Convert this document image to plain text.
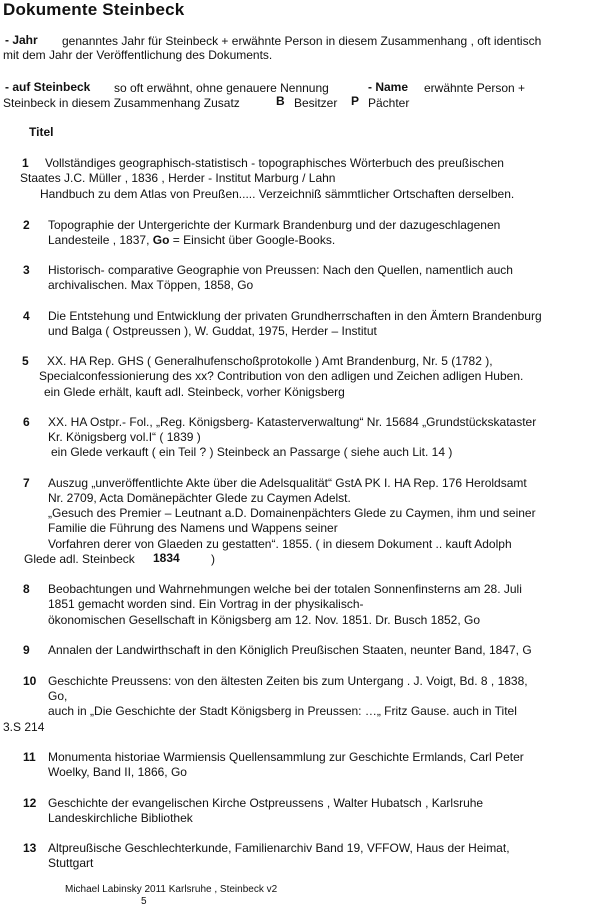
Dokumente Steinbeck
- Jahr genanntes Jahr für Steinbeck + erwähnte Person in diesem Zusammenhang , oft identisch
mit dem Jahr der Veröffentlichung des Dokuments.
- auf Steinbeck so oft erwähnt, ohne genauere Nennung	- Name erwähnte Person +
Steinbeck in diesem Zusammenhang Zusatz	B Besitzer P Pächter
Titel
1 Vollständiges geographisch-statistisch - topographisches Wörterbuch des preußischen
Staates J.C. Müller , 1836 , Herder - Institut Marburg / Lahn
Handbuch zu dem Atlas von Preußen..... Verzeichniß sämmtlicher Ortschaften derselben.
2 Topographie der Untergerichte der Kurmark Brandenburg und der dazugeschlagenen
Landesteile , 1837, Go = Einsicht über Google-Books.
3 Historisch- comparative Geographie von Preussen: Nach den Quellen, namentlich auch
archivalischen. Max Töppen, 1858, Go
4 Die Entstehung und Entwicklung der privaten Grundherrschaften in den Ämtern Brandenburg
und Balga ( Ostpreussen ), W. Guddat, 1975, Herder – Institut
5 XX. HA Rep. GHS ( Generalhufenschoßprotokolle ) Amt Brandenburg, Nr. 5 (1782 ),
Specialconfessionierung des xx? Contribution von den adligen und Zeichen adligen Huben.
ein Glede erhält, kauft adl. Steinbeck, vorher Königsberg
6 XX. HA Ostpr.- Fol., „Reg. Königsberg- Katasterverwaltung“ Nr. 15684 „Grundstückskataster
Kr. Königsberg vol.I“ ( 1839 )
ein Glede verkauft ( ein Teil ? ) Steinbeck an Passarge ( siehe auch Lit. 14 )
7 Auszug „unveröffentlichte Akte über die Adelsqualität“ GstA PK I. HA Rep. 176 Heroldsamt
Nr. 2709, Acta Domänepächter Glede zu Caymen Adelst.
„Gesuch des Premier – Leutnant a.D. Domainenpächters Glede zu Caymen, ihm und seiner
Familie die Führung des Namens und Wappens seiner
Vorfahren derer von Glaeden zu gestatten“. 1855. ( in diesem Dokument .. kauft Adolph
Glede adl. Steinbeck 1834	)
8 Beobachtungen und Wahrnehmungen welche bei der totalen Sonnenfinsterns am 28. Juli
1851 gemacht worden sind. Ein Vortrag in der physikalisch-
ökonomischen Gesellschaft in Königsberg am 12. Nov. 1851. Dr. Busch 1852, Go
9 Annalen der Landwirthschaft in den Königlich Preußischen Staaten, neunter Band, 1847, G
10 Geschichte Preussens: von den ältesten Zeiten bis zum Untergang . J. Voigt, Bd. 8 , 1838,
Go,
auch in „Die Geschichte der Stadt Königsberg in Preussen: …„ Fritz Gause. auch in Titel
3.S 214
11 Monumenta historiae Warmiensis Quellensammlung zur Geschichte Ermlands, Carl Peter
Woelky, Band II, 1866, Go
12 Geschichte der evangelischen Kirche Ostpreussens , Walter Hubatsch , Karlsruhe
Landeskirchliche Bibliothek
13 Altpreußische Geschlechterkunde, Familienarchiv Band 19, VFFOW, Haus der Heimat,
Stuttgart
Michael Labinsky 2011 Karlsruhe , Steinbeck v2
5
